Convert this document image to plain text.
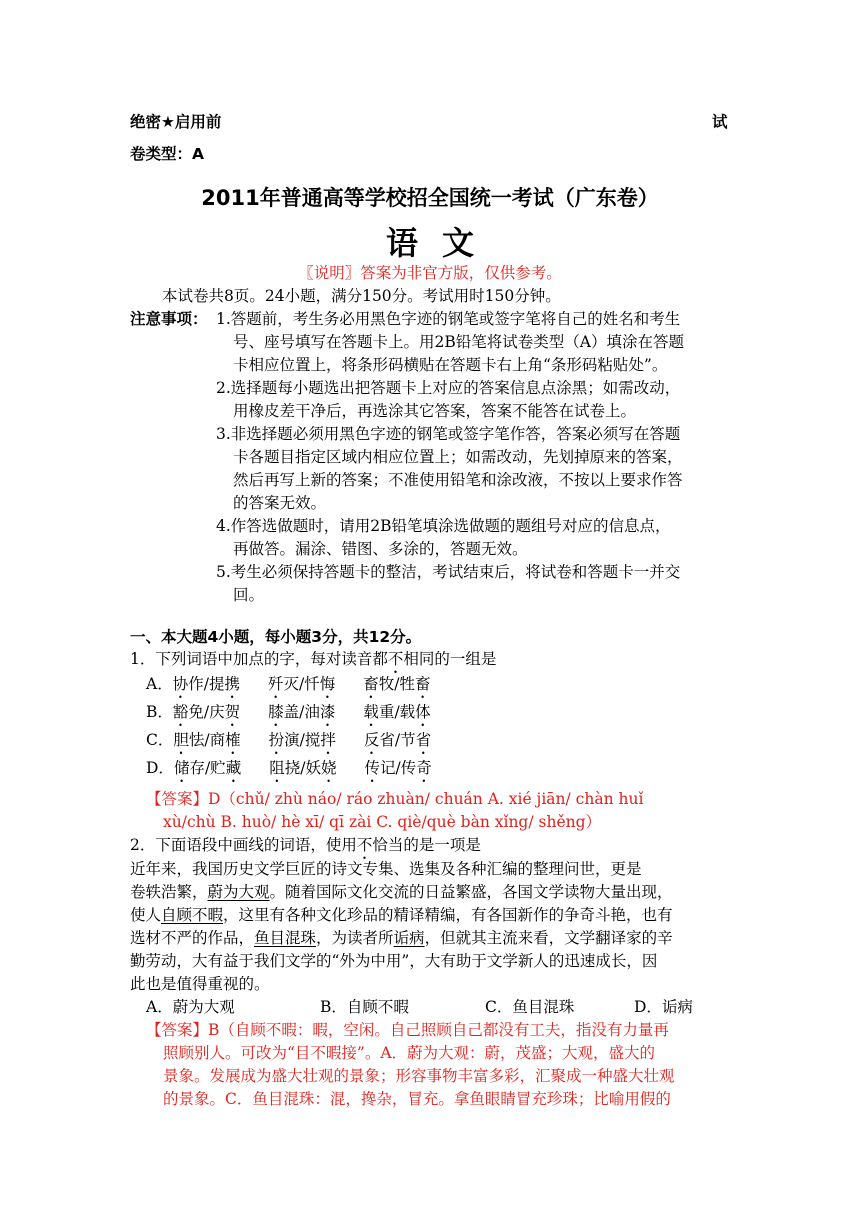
绝密★启用前	试
卷类型：A
2011年普通高等学校招全国统一考试（广东卷）
语文
〖说明〗答案为非官方版，仅供参考。
本试卷共8页。24小题，满分150分。考试用时150分钟。
注意事项： 1.答题前，考生务必用黑色字迹的钢笔或签字笔将自己的姓名和考生
号、座号填写在答题卡上。用2B铅笔将试卷类型（A）填涂在答题
卡相应位置上，将条形码横贴在答题卡右上角“条形码粘贴处”。
2.选择题每小题选出把答题卡上对应的答案信息点涂黑；如需改动，
用橡皮差干净后，再选涂其它答案，答案不能答在试卷上。
3.非选择题必须用黑色字迹的钢笔或签字笔作答，答案必须写在答题
卡各题目指定区域内相应位置上；如需改动，先划掉原来的答案，
然后再写上新的答案；不准使用铅笔和涂改液，不按以上要求作答
的答案无效。
4.作答选做题时，请用2B铅笔填涂选做题的题组号对应的信息点，
再做答。漏涂、错图、多涂的，答题无效。
5.考生必须保持答题卡的整洁，考试结束后，将试卷和答题卡一并交
回。
一、本大题4小题，每小题3分，共12分。
1．下列词语中加点的字，每对读音都不相同的一组是
A．协作/提携 歼灭/忏悔 畜牧/牲畜
B．豁免/庆贺 膝盖/油漆 载重/载体
C．胆怯/商榷 扮演/搅拌 反省/节省
D．储存/贮藏 阻挠/妖娆 传记/传奇
【答案】D（chǔ/ zhù náo/ ráo zhuàn/ chuán A. xié jiān/ chàn huǐ
xù/chù B. huò/ hè xī/ qī zài C. qiè/què bàn xǐng/ shěng）
2．下面语段中画线的词语，使用不恰当的是一项是
近年来，我国历史文学巨匠的诗文专集、选集及各种汇编的整理问世，更是
卷轶浩繁，蔚为大观。随着国际文化交流的日益繁盛，各国文学读物大量出现，
使人自顾不暇，这里有各种文化珍品的精译精编，有各国新作的争奇斗艳，也有
选材不严的作品，鱼目混珠，为读者所诟病，但就其主流来看，文学翻译家的辛
勤劳动，大有益于我们文学的“外为中用”，大有助于文学新人的迅速成长，因
此也是值得重视的。
A．蔚为大观	B．自顾不暇	C．鱼目混珠	D．诟病
【答案】B（自顾不暇：暇，空闲。自己照顾自己都没有工夫，指没有力量再
照顾别人。可改为“目不暇接”。A．蔚为大观：蔚，茂盛；大观，盛大的
景象。发展成为盛大壮观的景象；形容事物丰富多彩，汇聚成一种盛大壮观
的景象。C．鱼目混珠：混，搀杂，冒充。拿鱼眼睛冒充珍珠；比喻用假的
